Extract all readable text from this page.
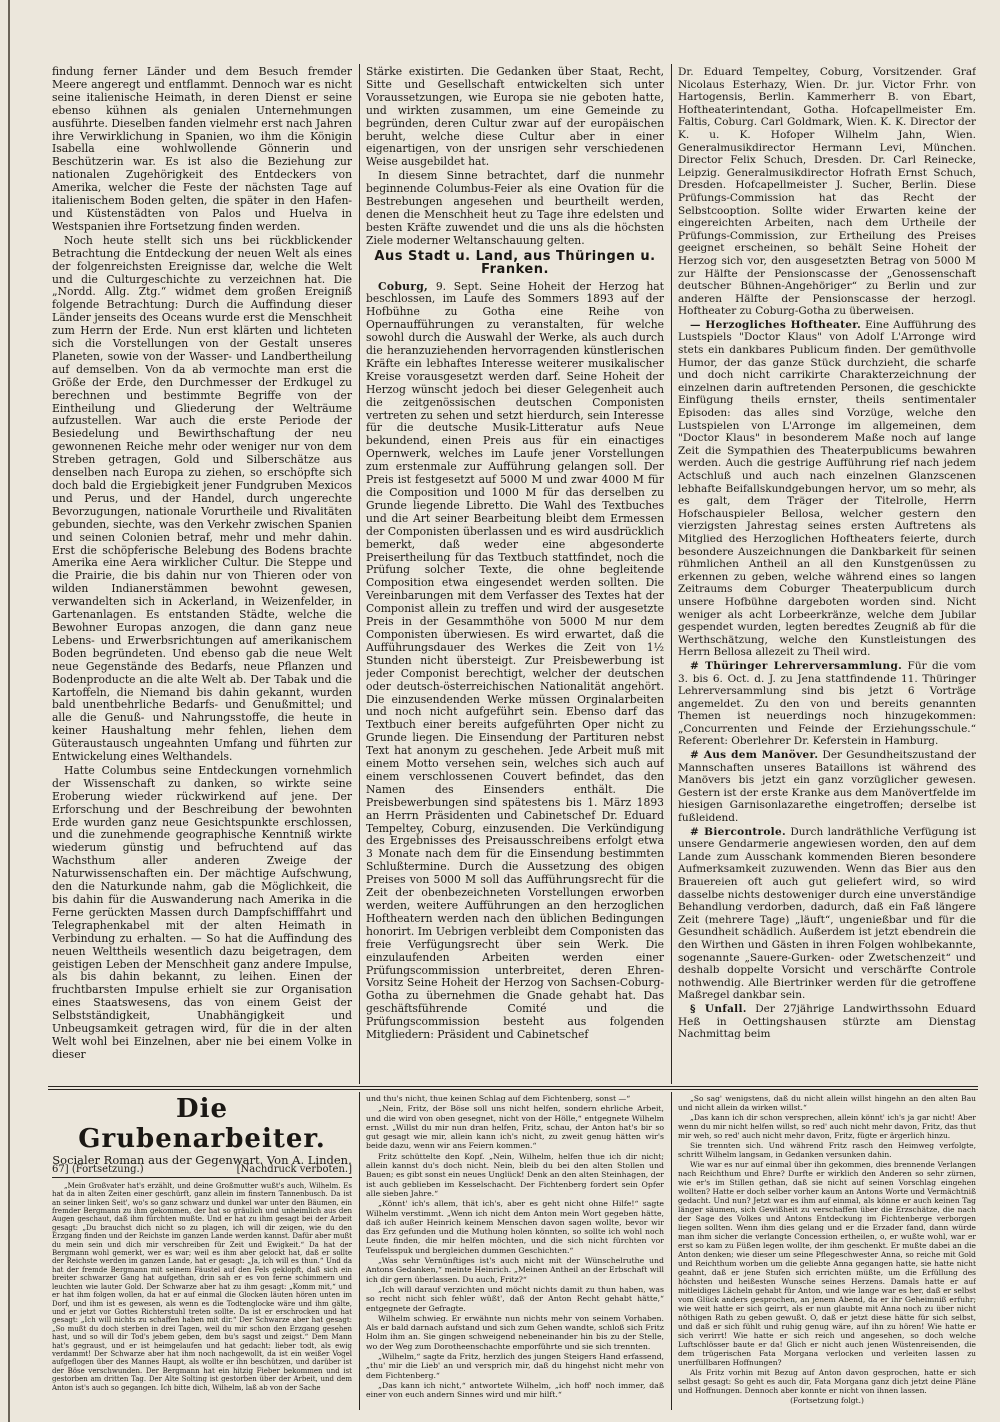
findung ferner Länder und dem Besuch fremder Meere angeregt und entflammt. Dennoch war es nicht seine italienische Heimath, in deren Dienst er seine ebenso kühnen als genialen Unternehmungen ausführte. Dieselben fanden vielmehr erst nach Jahren ihre Verwirklichung in Spanien, wo ihm die Königin Isabella eine wohlwollende Gönnerin und Beschützerin war. Es ist also die Beziehung zur nationalen Zugehörigkeit des Entdeckers von Amerika, welcher die Feste der nächsten Tage auf italienischem Boden gelten, die später in den Hafen- und Küstenstädten von Palos und Huelva in Westspanien ihre Fortsetzung finden werden.

Noch heute stellt sich uns bei rückblickender Betrachtung die Entdeckung der neuen Welt als eines der folgenreichsten Ereignisse dar, welche die Welt und die Culturgeschichte zu verzeichnen hat. Die „Nordd. Allg. Ztg.“ widmet dem großen Ereigniß folgende Betrachtung: Durch die Auffindung dieser Länder jenseits des Oceans wurde erst die Menschheit zum Herrn der Erde. Nun erst klärten und lichteten sich die Vorstellungen von der Gestalt unseres Planeten, sowie von der Wasser- und Landbertheilung auf demselben. Von da ab vermochte man erst die Größe der Erde, den Durchmesser der Erdkugel zu berechnen und bestimmte Begriffe von der Eintheilung und Gliederung der Welträume aufzustellen. War auch die erste Periode der Besiedelung und Bewirthschaftung der neu gewonnenen Reiche mehr oder weniger nur von dem Streben getragen, Gold und Silberschätze aus denselben nach Europa zu ziehen, so erschöpfte sich doch bald die Ergiebigkeit jener Fundgruben Mexicos und Perus, und der Handel, durch ungerechte Bevorzugungen, nationale Vorurtheile und Rivalitäten gebunden, siechte, was den Verkehr zwischen Spanien und seinen Colonien betraf, mehr und mehr dahin. Erst die schöpferische Belebung des Bodens brachte Amerika eine Aera wirklicher Cultur. Die Steppe und die Prairie, die bis dahin nur von Thieren oder von wilden Indianerstämmen bewohnt gewesen, verwandelten sich in Ackerland, in Weizenfelder, in Gartenanlagen. Es entstanden Städte, welche die Bewohner Europas anzogen, die dann ganz neue Lebens- und Erwerbsrichtungen auf amerikanischem Boden begründeten. Und ebenso gab die neue Welt neue Gegenstände des Bedarfs, neue Pflanzen und Bodenproducte an die alte Welt ab. Der Tabak und die Kartoffeln, die Niemand bis dahin gekannt, wurden bald unentbehrliche Bedarfs- und Genußmittel; und alle die Genuß- und Nahrungsstoffe, die heute in keiner Haushaltung mehr fehlen, liehen dem Güteraustausch ungeahnten Umfang und führten zur Entwickelung eines Welthandels.

Hatte Columbus seine Entdeckungen vornehmlich der Wissenschaft zu danken, so wirkte seine Eroberung wieder rückwirkend auf jene. Der Erforschung und der Beschreibung der bewohnten Erde wurden ganz neue Gesichtspunkte erschlossen, und die zunehmende geographische Kenntniß wirkte wiederum günstig und befruchtend auf das Wachsthum aller anderen Zweige der Naturwissenschaften ein. Der mächtige Aufschwung, den die Naturkunde nahm, gab die Möglichkeit, die bis dahin für die Auswanderung nach Amerika in die Ferne gerückten Massen durch Dampfschifffahrt und Telegraphenkabel mit der alten Heimath in Verbindung zu erhalten. — So hat die Auffindung des neuen Welttheils wesentlich dazu beigetragen, dem geistigen Leben der Menschheit ganz andere Impulse, als bis dahin bekannt, zu leihen. Einen der fruchtbarsten Impulse erhielt sie zur Organisation eines Staatswesens, das von einem Geist der Selbstständigkeit, Unabhängigkeit und Unbeugsamkeit getragen wird, für die in der alten Welt wohl bei Einzelnen, aber nie bei einem Volke in dieser

Stärke existirten. Die Gedanken über Staat, Recht, Sitte und Gesellschaft entwickelten sich unter Voraussetzungen, wie Europa sie nie geboten hatte, und wirkten zusammen, um eine Gemeinde zu begründen, deren Cultur zwar auf der europäischen beruht, welche diese Cultur aber in einer eigenartigen, von der unsrigen sehr verschiedenen Weise ausgebildet hat.

In diesem Sinne betrachtet, darf die nunmehr beginnende Columbus-Feier als eine Ovation für die Bestrebungen angesehen und beurtheilt werden, denen die Menschheit heut zu Tage ihre edelsten und besten Kräfte zuwendet und die uns als die höchsten Ziele moderner Weltanschauung gelten.

Aus Stadt u. Land, aus Thüringen u. Franken.

Coburg, 9. Sept. Seine Hoheit der Herzog hat beschlossen, im Laufe des Sommers 1893 auf der Hofbühne zu Gotha eine Reihe von Opernaufführungen zu veranstalten, für welche sowohl durch die Auswahl der Werke, als auch durch die heranzuziehenden hervorragenden künstlerischen Kräfte ein lebhaftes Interesse weiterer musikalischer Kreise vorausgesetzt werden darf. Seine Hoheit der Herzog wünscht jedoch bei dieser Gelegenheit auch die zeitgenössischen deutschen Componisten vertreten zu sehen und setzt hierdurch, sein Interesse für die deutsche Musik-Litteratur aufs Neue bekundend, einen Preis aus für ein einactiges Opernwerk, welches im Laufe jener Vorstellungen zum erstenmale zur Aufführung gelangen soll. Der Preis ist festgesetzt auf 5000 M und zwar 4000 M für die Composition und 1000 M für das derselben zu Grunde liegende Libretto. Die Wahl des Textbuches und die Art seiner Bearbeitung bleibt dem Ermessen der Componisten überlassen und es wird ausdrücklich bemerkt, daß weder eine abgesonderte Preisertheilung für das Textbuch stattfindet, noch die Prüfung solcher Texte, die ohne begleitende Composition etwa eingesendet werden sollten. Die Vereinbarungen mit dem Verfasser des Textes hat der Componist allein zu treffen und wird der ausgesetzte Preis in der Gesammthöhe von 5000 M nur dem Componisten überwiesen. Es wird erwartet, daß die Aufführungsdauer des Werkes die Zeit von 1½ Stunden nicht übersteigt. Zur Preisbewerbung ist jeder Componist berechtigt, welcher der deutschen oder deutsch-österreichischen Nationalität angehört. Die einzusendenden Werke müssen Orginalarbeiten und noch nicht aufgeführt sein. Ebenso darf das Textbuch einer bereits aufgeführten Oper nicht zu Grunde liegen. Die Einsendung der Partituren nebst Text hat anonym zu geschehen. Jede Arbeit muß mit einem Motto versehen sein, welches sich auch auf einem verschlossenen Couvert befindet, das den Namen des Einsenders enthält. Die Preisbewerbungen sind spätestens bis 1. März 1893 an Herrn Präsidenten und Cabinetschef Dr. Eduard Tempeltey, Coburg, einzusenden. Die Verkündigung des Ergebnisses des Preisausschreibens erfolgt etwa 3 Monate nach dem für die Einsendung bestimmten Schlußtermine. Durch die Aussetzung des obigen Preises von 5000 M soll das Aufführungsrecht für die Zeit der obenbezeichneten Vorstellungen erworben werden, weitere Aufführungen an den herzoglichen Hoftheatern werden nach den üblichen Bedingungen honorirt. Im Uebrigen verbleibt dem Componisten das freie Verfügungsrecht über sein Werk. Die einzulaufenden Arbeiten werden einer Prüfungscommission unterbreitet, deren Ehren-Vorsitz Seine Hoheit der Herzog von Sachsen-Coburg-Gotha zu übernehmen die Gnade gehabt hat. Das geschäftsführende Comité und die Prüfungscommission besteht aus folgenden Mitgliedern: Präsident und Cabinetschef

Dr. Eduard Tempeltey, Coburg, Vorsitzender. Graf Nicolaus Esterhazy, Wien. Dr. jur. Victor Frhr. von Hartogensis, Berlin. Kammerherr B. von Ebart, Hoftheaterintendant, Gotha. Hofcapellmeister Em. Faltis, Coburg. Carl Goldmark, Wien. K. K. Director der K. u. K. Hofoper Wilhelm Jahn, Wien. Generalmusikdirector Hermann Levi, München. Director Felix Schuch, Dresden. Dr. Carl Reinecke, Leipzig. Generalmusikdirector Hofrath Ernst Schuch, Dresden. Hofcapellmeister J. Sucher, Berlin. Diese Prüfungs-Commission hat das Recht der Selbstcooption. Sollte wider Erwarten keine der eingereichten Arbeiten, nach dem Urtheile der Prüfungs-Commission, zur Ertheilung des Preises geeignet erscheinen, so behält Seine Hoheit der Herzog sich vor, den ausgesetzten Betrag von 5000 M zur Hälfte der Pensionscasse der „Genossenschaft deutscher Bühnen-Angehöriger“ zu Berlin und zur anderen Hälfte der Pensionscasse der herzogl. Hoftheater zu Coburg-Gotha zu überweisen.

— Herzogliches Hoftheater. Eine Aufführung des Lustspiels "Doctor Klaus" von Adolf L'Arronge wird stets ein dankbares Publicum finden. Der gemüthvolle Humor, der das ganze Stück durchzieht, die scharfe und doch nicht carrikirte Charakterzeichnung der einzelnen darin auftretenden Personen, die geschickte Einfügung theils ernster, theils sentimentaler Episoden: das alles sind Vorzüge, welche den Lustspielen von L'Arronge im allgemeinen, dem "Doctor Klaus" in besonderem Maße noch auf lange Zeit die Sympathien des Theaterpublicums bewahren werden. Auch die gestrige Aufführung rief nach jedem Actschluß und auch nach einzelnen Glanzscenen lebhafte Beifallskundgebungen hervor, um so mehr, als es galt, dem Träger der Titelrolle, Herrn Hofschauspieler Bellosa, welcher gestern den vierzigsten Jahrestag seines ersten Auftretens als Mitglied des Herzoglichen Hoftheaters feierte, durch besondere Auszeichnungen die Dankbarkeit für seinen rühmlichen Antheil an all den Kunstgenüssen zu erkennen zu geben, welche während eines so langen Zeitraums dem Coburger Theaterpublicum durch unsere Hofbühne dargeboten worden sind. Nicht weniger als acht Lorbeerkränze, welche dem Jubilar gespendet wurden, legten beredtes Zeugniß ab für die Werthschätzung, welche den Kunstleistungen des Herrn Bellosa allezeit zu Theil wird.

# Thüringer Lehrerversammlung. Für die vom 3. bis 6. Oct. d. J. zu Jena stattfindende 11. Thüringer Lehrerversammlung sind bis jetzt 6 Vorträge angemeldet. Zu den von und bereits genannten Themen ist neuerdings noch hinzugekommen: „Concurrenten und Feinde der Erziehungsschule.“ Referent: Oberlehrer Dr. Keferstein in Hamburg.

# Aus dem Manöver. Der Gesundheitszustand der Mannschaften unseres Bataillons ist während des Manövers bis jetzt ein ganz vorzüglicher gewesen. Gestern ist der erste Kranke aus dem Manövertfelde im hiesigen Garnisonlazarethe eingetroffen; derselbe ist fußleidend.

# Biercontrole. Durch landräthliche Verfügung ist unsere Gendarmerie angewiesen worden, den auf dem Lande zum Ausschank kommenden Bieren besondere Aufmerksamkeit zuzuwenden. Wenn das Bier aus den Brauereien oft auch gut geliefert wird, so wird dasselbe nichts destoweniger durch eine unverständige Behandlung verdorben, dadurch, daß ein Faß längere Zeit (mehrere Tage) „läuft“, ungenießbar und für die Gesundheit schädlich. Außerdem ist jetzt ebendrein die den Wirthen und Gästen in ihren Folgen wohlbekannte, sogenannte „Sauere-Gurken- oder Zwetschenzeit“ und deshalb doppelte Vorsicht und verschärfte Controle nothwendig. Alle Biertrinker werden für die getroffene Maßregel dankbar sein.

§ Unfall. Der 27jährige Landwirthssohn Eduard Heß in Oettingshausen stürzte am Dienstag Nachmittag beim

Die Grubenarbeiter.
Socialer Roman aus der Gegenwart. Von A. Linden.
67] (Fortsetzung.)	[Nachdruck verboten.]

„Mein Großvater hat's erzählt, und deine Großmutter wußt's auch, Wilhelm. Es hat da in alten Zeiten einer geschürft, ganz allein im finstern Tannenbusch. Da ist an seiner linken Seit', wo's so ganz schwarz und dunkel war unter den Bäumen, ein fremder Bergmann zu ihm gekommen, der hat so gräulich und unheimlich aus den Augen geschaut, daß ihm fürchten mußte. Und er hat zu ihm gesagt bei der Arbeit gesagt: „Du brauchst dich nicht so zu plagen, ich will dir zeigen, wie du den Erzgang finden und der Reichste im ganzen Lande werden kannst. Dafür aber mußt du mein sein und dich mir verschreiben für Zeit und Ewigkeit.“ Da hat der Bergmann wohl gemerkt, wer es war; weil es ihm aber gelockt hat, daß er sollte der Reichste werden im ganzen Lande, hat er gesagt: „Ja, ich will es thun.“ Und da hat der fremde Bergmann mit seinem Fäustel auf den Fels geklopft, daß sich ein breiter schwarzer Gang hat aufgethan, drin sah er es von ferne schimmern und leuchten wie lauter Gold. Der Schwarze aber hat zu ihm gesagt: „Komm mit,“ und er hat ihm folgen wollen, da hat er auf einmal die Glocken läuten hören unten im Dorf, und ihm ist es gewesen, als wenn es die Todtenglocke wäre und ihm gälte, und er jetzt vor Gottes Richterstuhl treten sollte. Da ist er erschrocken und hat gesagt: „Ich will nichts zu schaffen haben mit dir.“ Der Schwarze aber hat gesagt: „So mußt du doch sterben in drei Tagen, weil du mir schon den Erzgang gesehen hast, und so will dir Tod's jebem geben, dem bu's sagst und zeigst.“ Dem Mann hat's gegraust, und er ist heimgelaufen und hat gedacht: lieber todt, als ewig verdammt! Der Schwarze aber hat ihm noch nachgewollt, da ist ein weißer Vogel aufgeflogen über des Mannes Haupt, als wollte er ihn beschützen, und darüber ist der Böse verschwunden. Der Bergmann hat ein hitzig Fieber bekommen und ist gestorben am dritten Tag. Der Alte Solting ist gestorben über der Arbeit, und dem Anton ist's auch so gegangen. Ich bitte dich, Wilhelm, laß ab von der Sache

und thu's nicht, thue keinen Schlag auf dem Fichtenberg, sonst —“

„Nein, Fritz, der Böse soll uns nicht helfen, sondern ehrliche Arbeit, und die wird von oben gesegnet, nicht von der Hölle,“ entgegnete Wilhelm ernst. „Willst du mir nun dran helfen, Fritz, schau, der Anton hat's bir so gut gesagt wie mir, allein kann ich's nicht, zu zweit genug hätten wir's beide dazu, wenn wir ans Feiern kommen.“

Fritz schüttelte den Kopf. „Nein, Wilhelm, helfen thue ich dir nicht; allein kannst du's doch nicht. Nein, bleib du bei den alten Stollen und Bauen; es gibt sonst ein neues Unglück! Denk an den alten Steinhagen, der ist auch geblieben im Kesselschacht. Der Fichtenberg fordert sein Opfer alle sieben Jahre.“

„Könnt' ich's allem, thät ich's, aber es geht nicht ohne Hilfe!“ sagte Wilhelm verstimmt. „Wenn ich nicht dem Anton mein Wort gegeben hätte, daß ich außer Heinrich keinem Menschen davon sagen wollte, bevor wir das Erz gefunden und die Muthung holen könnten, so sollte ich wohl noch Leute finden, die mir helfen möchten, und die sich nicht fürchten vor Teufelsspuk und bergleichen dummen Geschichten.“

„Was sehr Vernünftiges ist's auch nicht mit der Wünschelruthe und Antons Gedanken,“ meinte Heinrich. „Meinen Antheil an der Erbschaft will ich dir gern überlassen. Du auch, Fritz?“

„Ich will darauf verzichten und möcht nichts damit zu thun haben, was so recht nicht sich fehler wüßt', daß der Anton Recht gehabt hätte,“ entgegnete der Gefragte.

Wilhelm schwieg. Er erwähnte nun nichts mehr von seinem Vorhaben. Als er bald darnach aufstand und sich zum Gehen wandte, schloß sich Fritz Holm ihm an. Sie gingen schweigend nebeneinander hin bis zu der Stelle, wo der Weg zum Dorotheenschachte emporführte und sie sich trennten.

„Wilhelm,“ sagte da Fritz, herzlich des jungen Steigers Hand erfassend, „thu' mir die Lieb' an und versprich mir, daß du hingehst nicht mehr von dem Fichtenberg.“

„Das kann ich nicht,“ antwortete Wilhelm, „ich hoff' noch immer, daß einer von euch andern Sinnes wird und mir hilft.“

„So sag' wenigstens, daß du nicht allein willst hingehn an den alten Bau und nicht allein da wirken willst.“

„Das kann ich dir schon versprechen, allein könnt' ich's ja gar nicht! Aber wenn du mir nicht helfen willst, so red' auch nicht mehr davon, Fritz, das thut mir weh, so red' auch nicht mehr davon, Fritz, fügte er ärgerlich hinzu.

Sie trennten sich. Und während Fritz rasch den Heimweg verfolgte, schritt Wilhelm langsam, in Gedanken versunken dahin.

Wie war es nur auf einmal über ihn gekommen, dies brennende Verlangen nach Reichthum und Ehre? Durfte er wirklich den Anderen so sehr zürnen, wie er's im Stillen gethan, daß sie nicht auf seinen Vorschlag eingehen wollten? Hatte er doch selber vorher kaum an Antons Worte und Vermächtniß gedacht. Und nun? Jetzt war es ihm auf einmal, als könne er auch keinen Tag länger säumen, sich Gewißheit zu verschaffen über die Erzschätze, die nach der Sage des Volkes und Antons Entdeckung im Fichtenberge verborgen liegen sollten. Wenn ihm dies gelang und er die Erzader fand, dann würde man ihm sicher die verlangte Concession ertheilen, o, er wußte wohl, war er erst so kam zu Füßen legen wollte, der ihm geschenkt. Er mußte dabei an die Anton denken; wie dieser um seine Pflegeschwester Anna, so reiche mit Gold und Reichthum worben um die geliebte Anna gegangen hatte, sie hatte nicht geahnt, daß er jene Stufen sich errichten müßte, um die Erfüllung des höchsten und heißesten Wunsche seines Herzens. Damals hatte er auf mitleidiges Lächeln gehabt für Anton, und wie lange war es her, daß er selbst vom Glück anders gesprochen, an jenem Abend, da er ihr Geheimniß erfuhr; wie weit hatte er sich geirrt, als er nun glaubte mit Anna noch zu über nicht nöthigen Rath zu geben gewußt. O, daß er jetzt diese hätte für sich selbst, und daß er sich fühlt und ruhig genug wäre, auf ihn zu hören! Wie hatte er sich verirrt! Wie hatte er sich reich und angesehen, so doch welche Luftschlösser baute er da! Glich er nicht auch jenen Wüstenreisenden, die dem trügerischen Fata Morgana verlocken und verleiten lassen zu unerfüllbaren Hoffnungen?

Als Fritz vorhin mit Bezug auf Anton davon gesprochen, hatte er sich selbst gesagt: So geht es auch dir, Fata Morgana ganz dich jetzt deine Pläne und Hoffnungen. Dennoch aber konnte er nicht von ihnen lassen.

(Fortsetzung folgt.)
